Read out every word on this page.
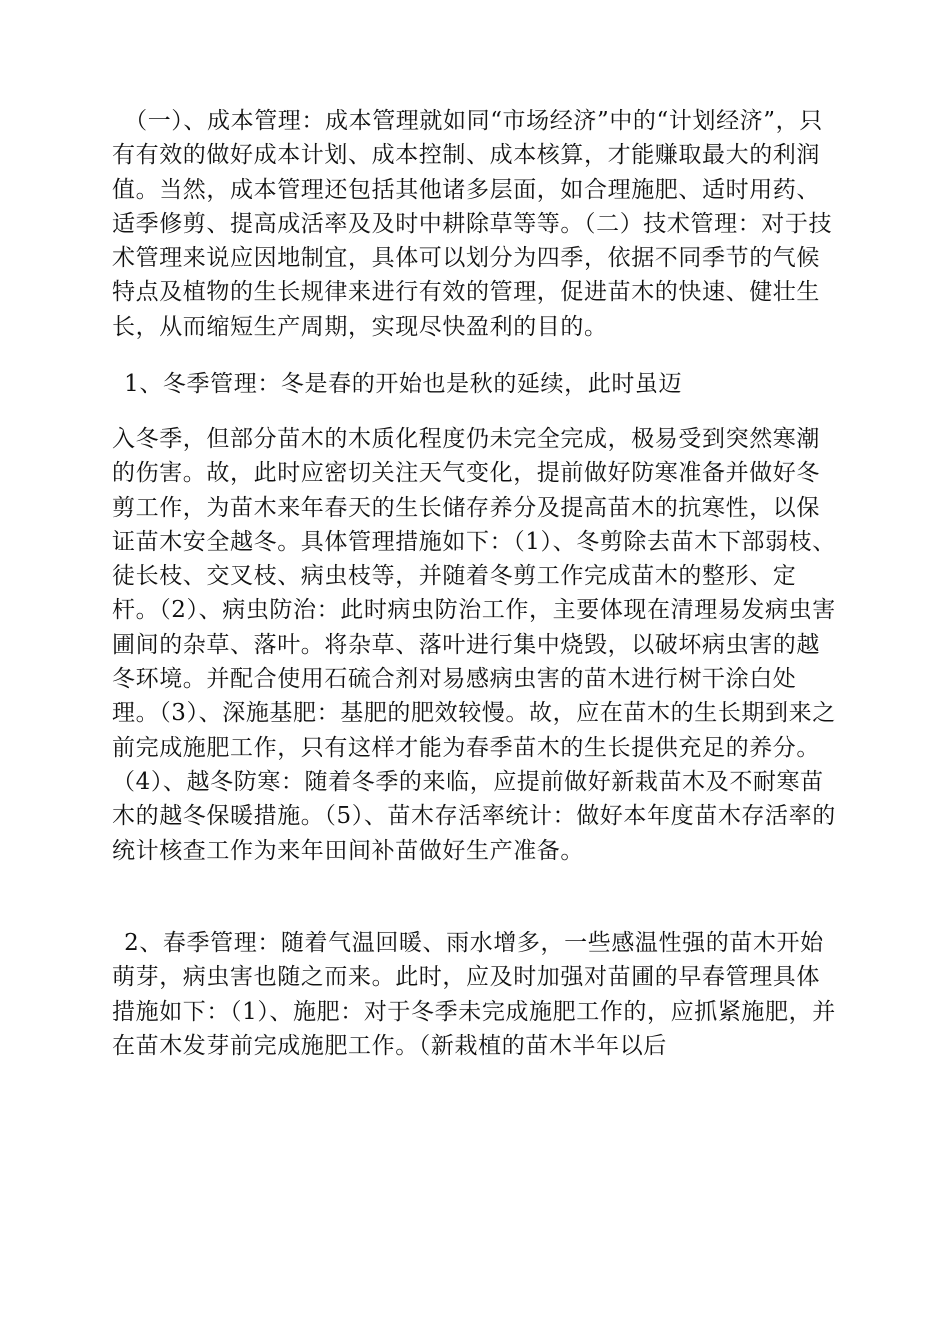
　（一）、成本管理：成本管理就如同“市场经济”中的“计划经济”，只有有效的做好成本计划、成本控制、成本核算，才能赚取最大的利润值。当然，成本管理还包括其他诸多层面，如合理施肥、适时用药、适季修剪、提高成活率及及时中耕除草等等。（二）技术管理：对于技术管理来说应因地制宜，具体可以划分为四季，依据不同季节的气候特点及植物的生长规律来进行有效的管理，促进苗木的快速、健壮生长，从而缩短生产周期，实现尽快盈利的目的。

 1、冬季管理：冬是春的开始也是秋的延续，此时虽迈

入冬季，但部分苗木的木质化程度仍未完全完成，极易受到突然寒潮的伤害。故，此时应密切关注天气变化，提前做好防寒准备并做好冬剪工作，为苗木来年春天的生长储存养分及提高苗木的抗寒性，以保证苗木安全越冬。具体管理措施如下：（1）、冬剪除去苗木下部弱枝、徒长枝、交叉枝、病虫枝等，并随着冬剪工作完成苗木的整形、定杆。（2）、病虫防治：此时病虫防治工作，主要体现在清理易发病虫害圃间的杂草、落叶。将杂草、落叶进行集中烧毁，以破坏病虫害的越冬环境。并配合使用石硫合剂对易感病虫害的苗木进行树干涂白处理。（3）、深施基肥：基肥的肥效较慢。故，应在苗木的生长期到来之前完成施肥工作，只有这样才能为春季苗木的生长提供充足的养分。（4）、越冬防寒：随着冬季的来临，应提前做好新栽苗木及不耐寒苗木的越冬保暖措施。（5）、苗木存活率统计：做好本年度苗木存活率的统计核查工作为来年田间补苗做好生产准备。

 2、春季管理：随着气温回暖、雨水增多，一些感温性强的苗木开始萌芽，病虫害也随之而来。此时，应及时加强对苗圃的早春管理具体措施如下：（1）、施肥：对于冬季未完成施肥工作的，应抓紧施肥，并在苗木发芽前完成施肥工作。（新栽植的苗木半年以后
